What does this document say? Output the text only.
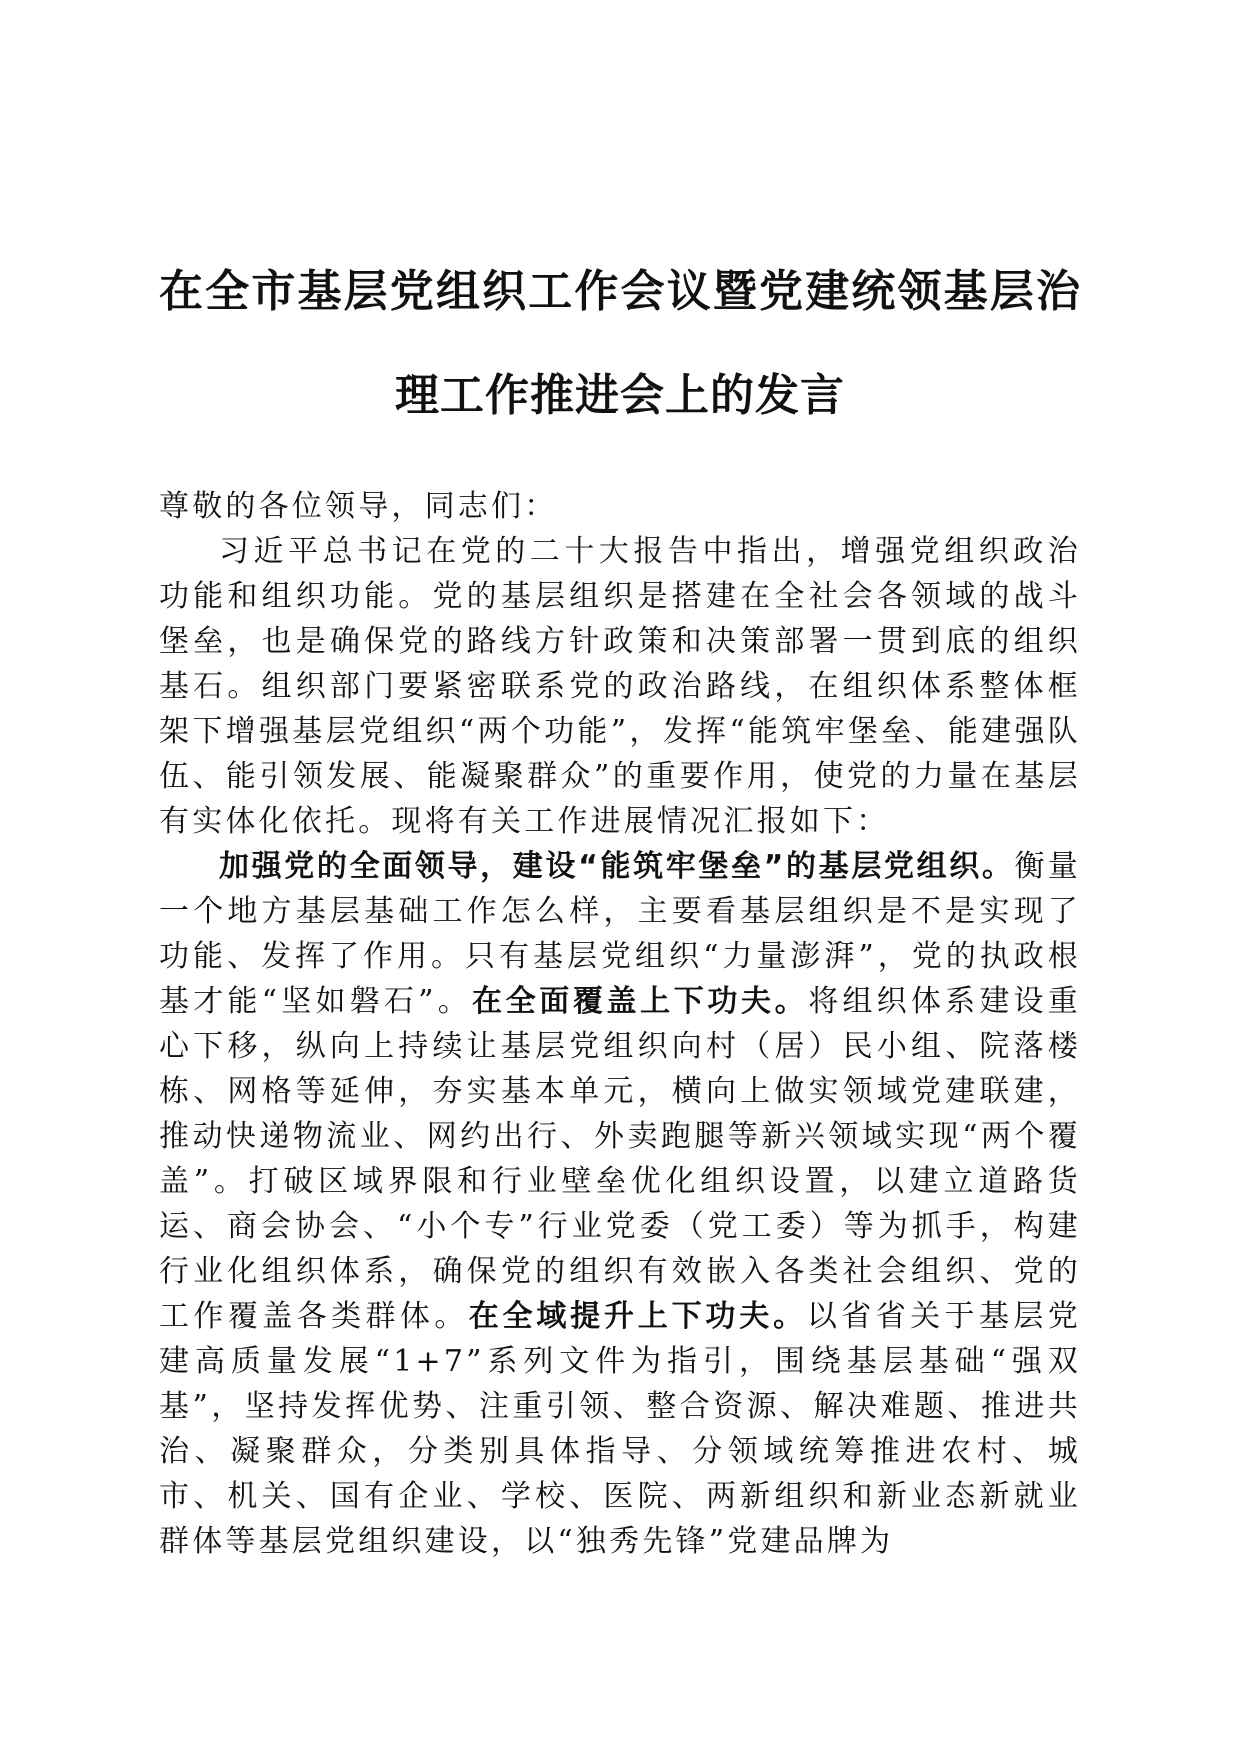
在全市基层党组织工作会议暨党建统领基层治理工作推进会上的发言

尊敬的各位领导，同志们：

习近平总书记在党的二十大报告中指出，增强党组织政治功能和组织功能。党的基层组织是搭建在全社会各领域的战斗堡垒，也是确保党的路线方针政策和决策部署一贯到底的组织基石。组织部门要紧密联系党的政治路线，在组织体系整体框架下增强基层党组织“两个功能”，发挥“能筑牢堡垒、能建强队伍、能引领发展、能凝聚群众”的重要作用，使党的力量在基层有实体化依托。现将有关工作进展情况汇报如下：

加强党的全面领导，建设“能筑牢堡垒”的基层党组织。衡量一个地方基层基础工作怎么样，主要看基层组织是不是实现了功能、发挥了作用。只有基层党组织“力量澎湃”，党的执政根基才能“坚如磐石”。在全面覆盖上下功夫。将组织体系建设重心下移，纵向上持续让基层党组织向村（居）民小组、院落楼栋、网格等延伸，夯实基本单元，横向上做实领域党建联建，推动快递物流业、网约出行、外卖跑腿等新兴领域实现“两个覆盖”。打破区域界限和行业壁垒优化组织设置，以建立道路货运、商会协会、“小个专”行业党委（党工委）等为抓手，构建行业化组织体系，确保党的组织有效嵌入各类社会组织、党的工作覆盖各类群体。在全域提升上下功夫。以省省关于基层党建高质量发展“1+7”系列文件为指引，围绕基层基础“强双基”，坚持发挥优势、注重引领、整合资源、解决难题、推进共治、凝聚群众，分类别具体指导、分领域统筹推进农村、城市、机关、国有企业、学校、医院、两新组织和新业态新就业群体等基层党组织建设，以“独秀先锋”党建品牌为
